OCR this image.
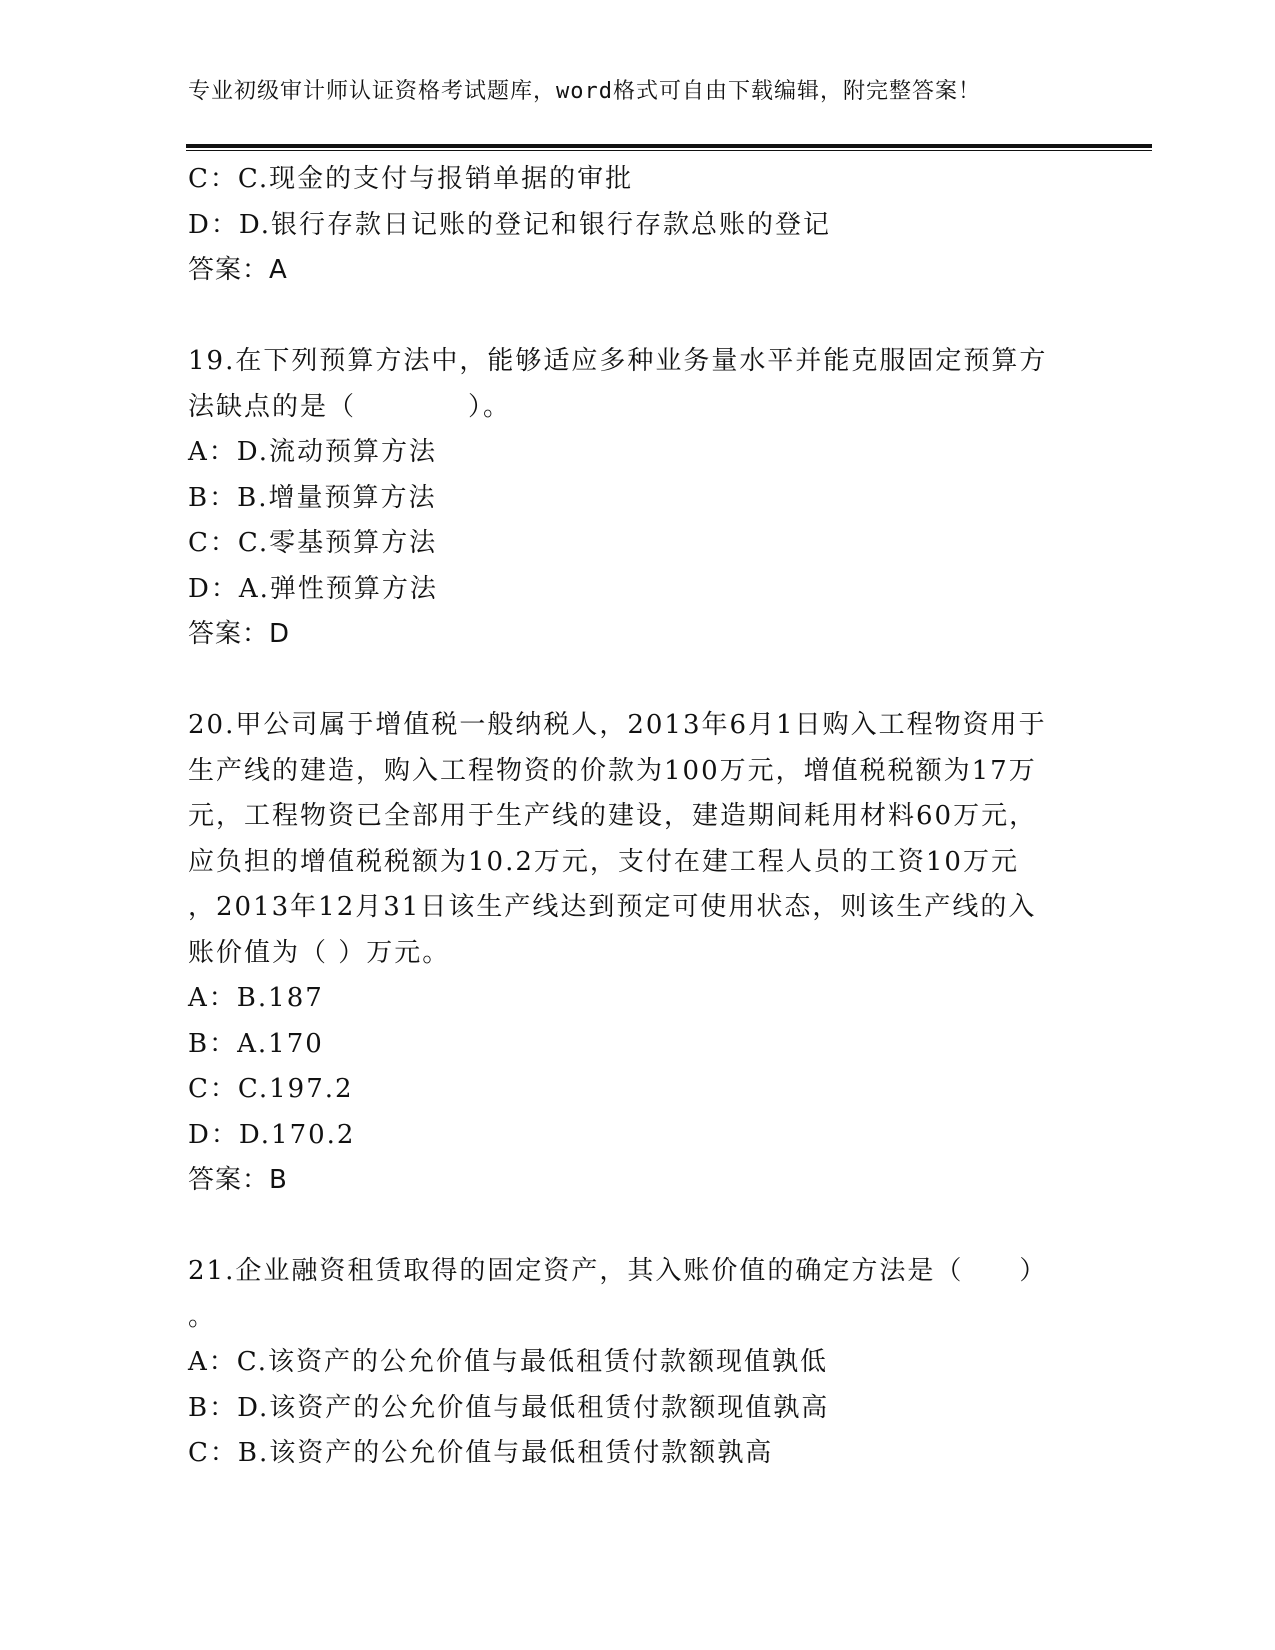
专业初级审计师认证资格考试题库，word格式可自由下载编辑，附完整答案！
C：C.现金的支付与报销单据的审批
D：D.银行存款日记账的登记和银行存款总账的登记
答案：A
19.在下列预算方法中，能够适应多种业务量水平并能克服固定预算方
法缺点的是（　　　　）。
A：D.流动预算方法
B：B.增量预算方法
C：C.零基预算方法
D：A.弹性预算方法
答案：D
20.甲公司属于增值税一般纳税人，2013年6月1日购入工程物资用于
生产线的建造，购入工程物资的价款为100万元，增值税税额为17万
元，工程物资已全部用于生产线的建设，建造期间耗用材料60万元，
应负担的增值税税额为10.2万元，支付在建工程人员的工资10万元
，2013年12月31日该生产线达到预定可使用状态，则该生产线的入
账价值为（ ）万元。
A：B.187
B：A.170
C：C.197.2
D：D.170.2
答案：B
21.企业融资租赁取得的固定资产，其入账价值的确定方法是（　　）
。
A：C.该资产的公允价值与最低租赁付款额现值孰低
B：D.该资产的公允价值与最低租赁付款额现值孰高
C：B.该资产的公允价值与最低租赁付款额孰高
